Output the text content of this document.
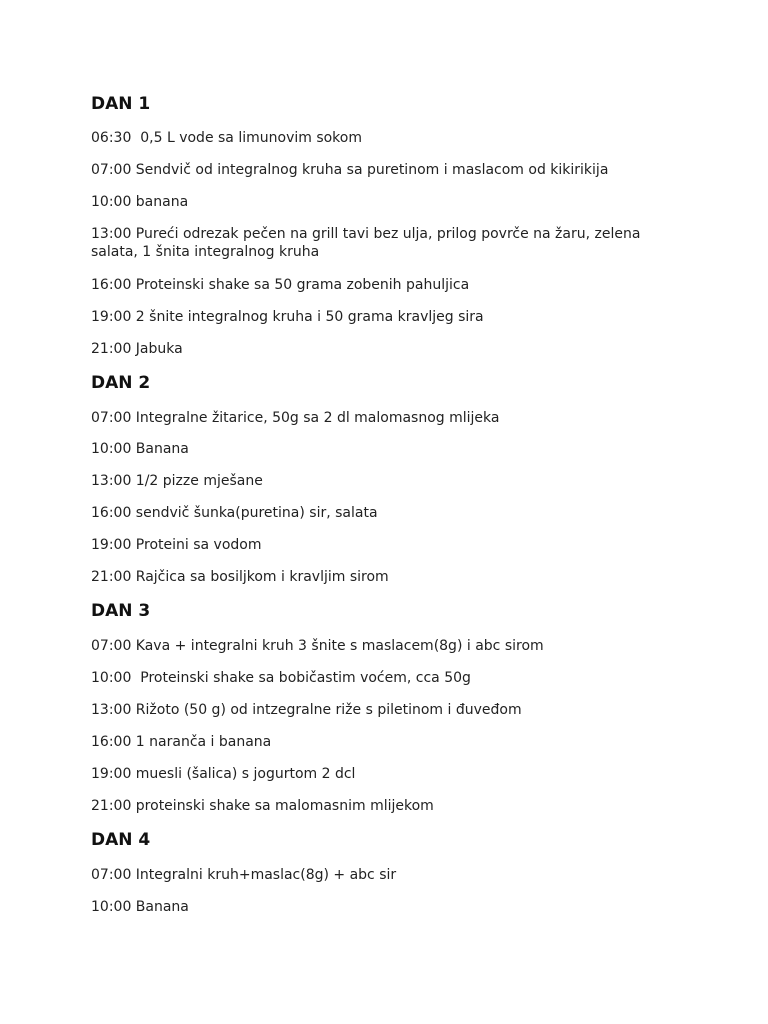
DAN 1

06:30  0,5 L vode sa limunovim sokom

07:00 Sendvič od integralnog kruha sa puretinom i maslacom od kikirikija

10:00 banana

13:00 Pureći odrezak pečen na grill tavi bez ulja, prilog povrče na žaru, zelena salata, 1 šnita integralnog kruha

16:00 Proteinski shake sa 50 grama zobenih pahuljica

19:00 2 šnite integralnog kruha i 50 grama kravljeg sira

21:00 Jabuka

DAN 2

07:00 Integralne žitarice, 50g sa 2 dl malomasnog mlijeka

10:00 Banana

13:00 1/2 pizze mješane

16:00 sendvič šunka(puretina) sir, salata

19:00 Proteini sa vodom

21:00 Rajčica sa bosiljkom i kravljim sirom

DAN 3

07:00 Kava + integralni kruh 3 šnite s maslacem(8g) i abc sirom

10:00  Proteinski shake sa bobičastim voćem, cca 50g

13:00 Rižoto (50 g) od intzegralne riže s piletinom i đuveđom

16:00 1 naranča i banana

19:00 muesli (šalica) s jogurtom 2 dcl

21:00 proteinski shake sa malomasnim mlijekom

DAN 4

07:00 Integralni kruh+maslac(8g) + abc sir

10:00 Banana
